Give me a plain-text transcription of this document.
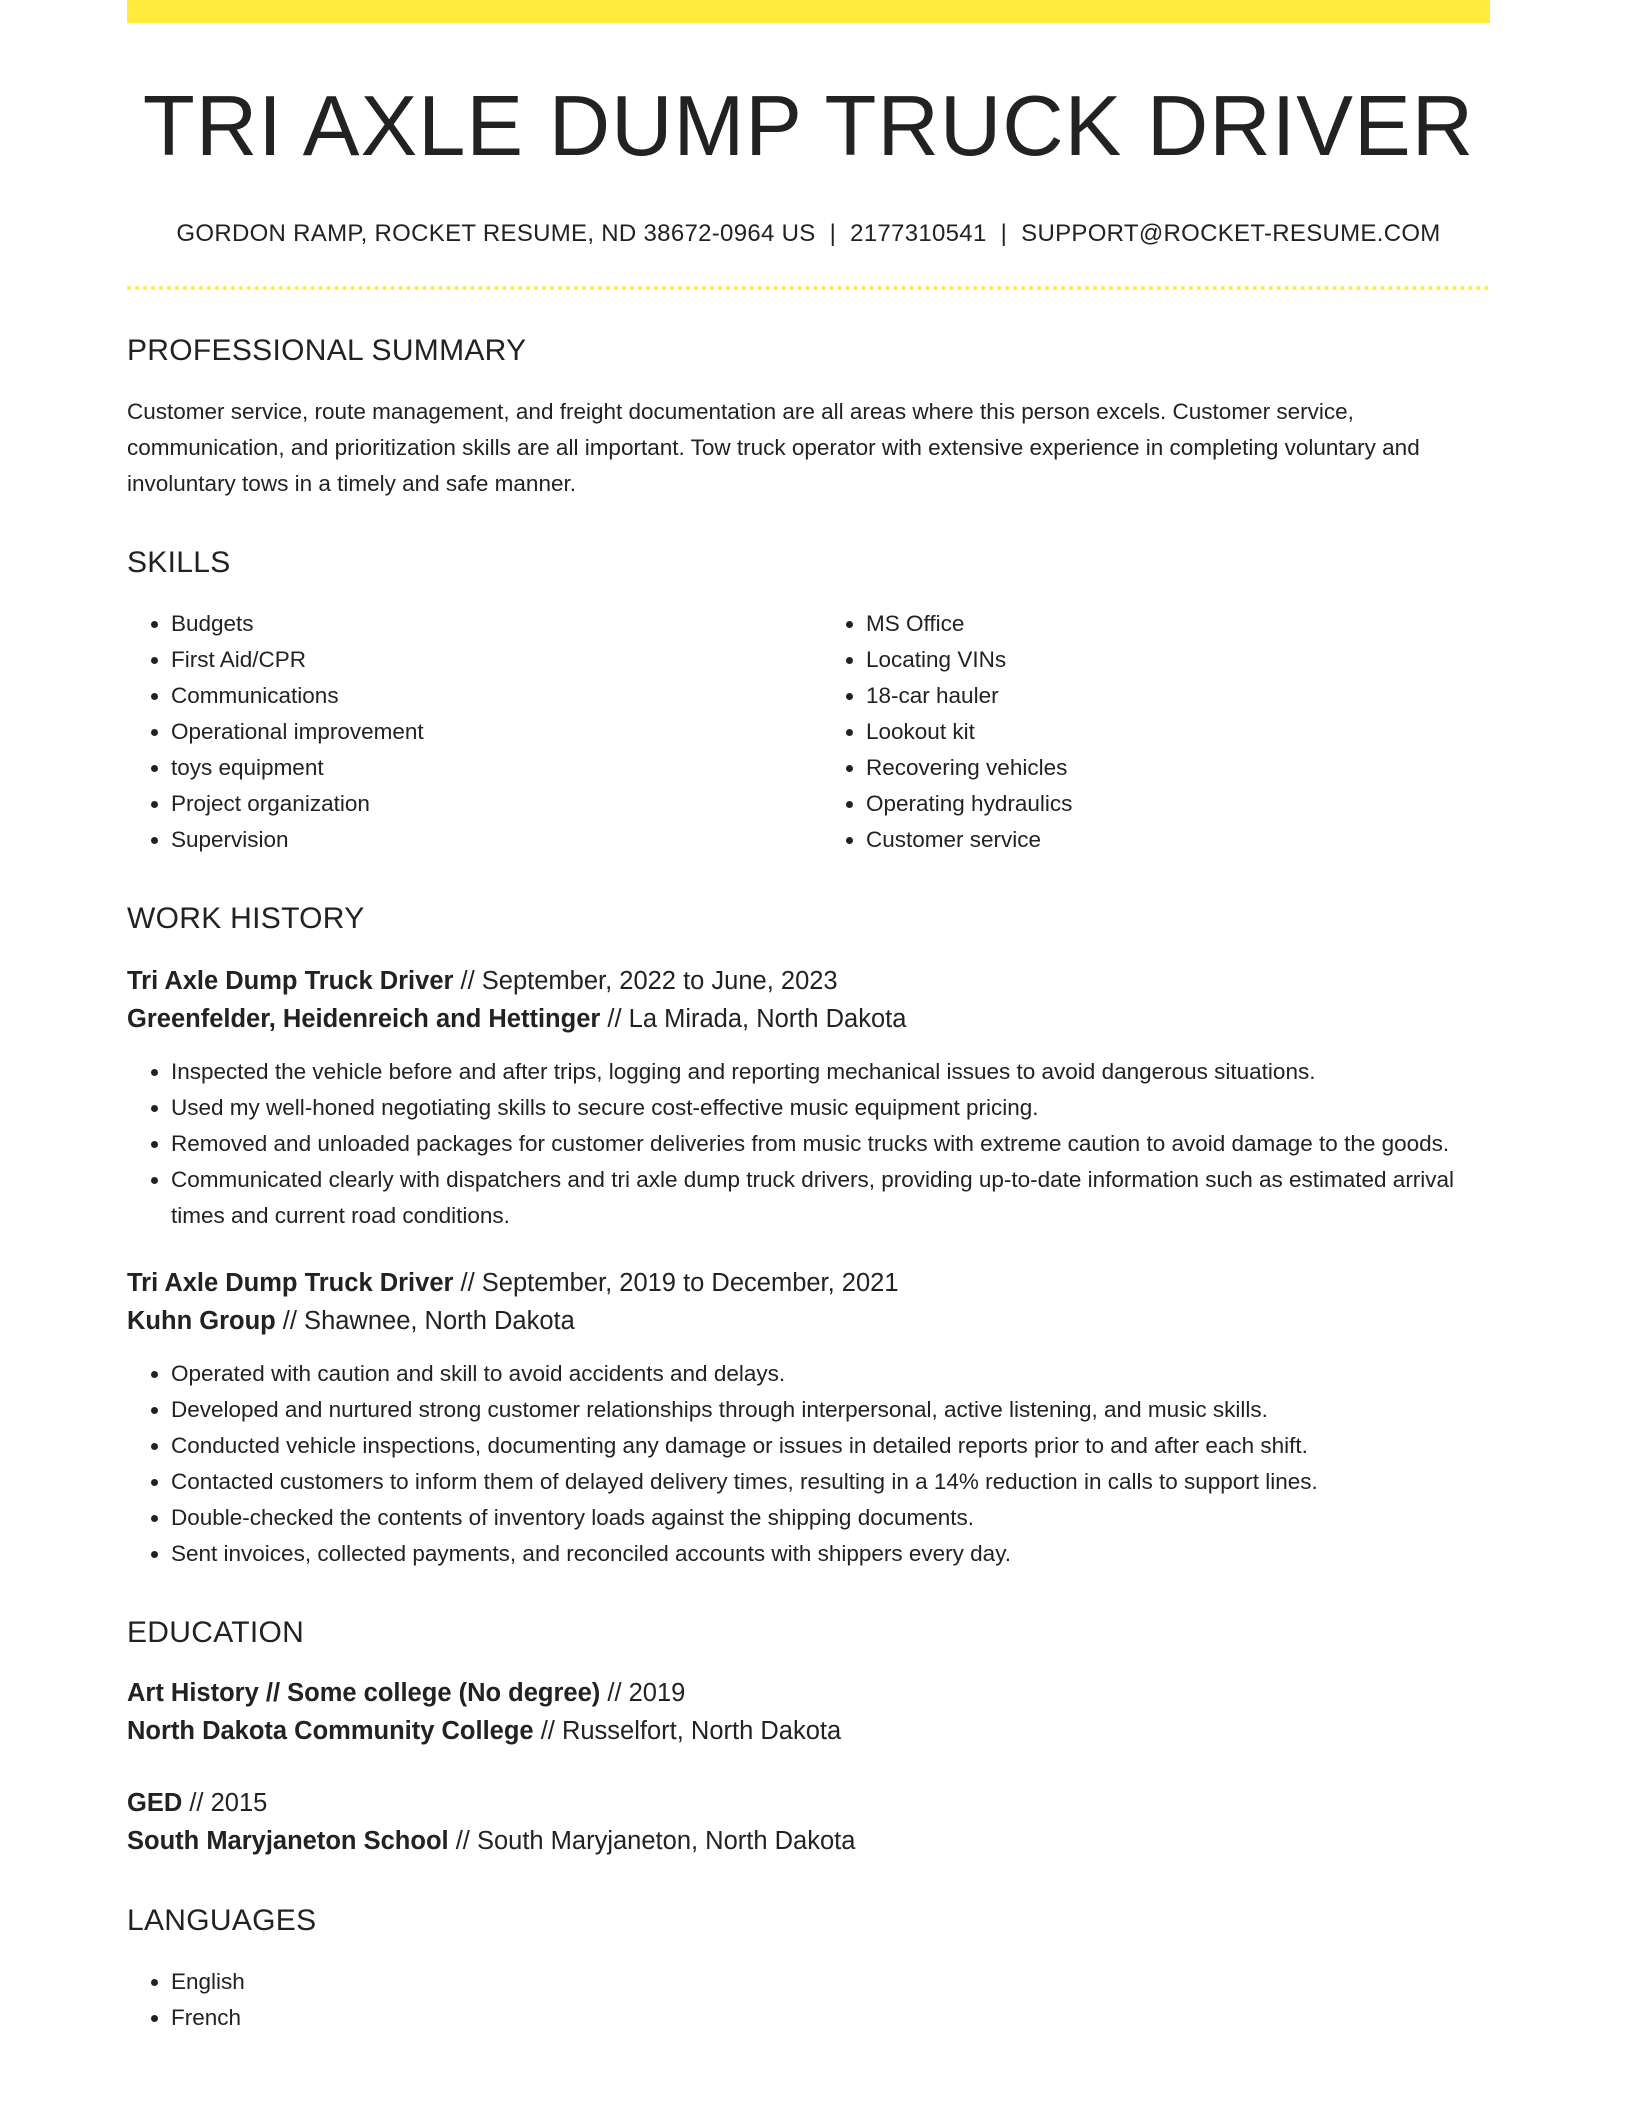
TRI AXLE DUMP TRUCK DRIVER
GORDON RAMP, ROCKET RESUME, ND 38672-0964 US | 2177310541 | SUPPORT@ROCKET-RESUME.COM
PROFESSIONAL SUMMARY

Customer service, route management, and freight documentation are all areas where this person excels. Customer service, communication, and prioritization skills are all important. Tow truck operator with extensive experience in completing voluntary and involuntary tows in a timely and safe manner.

SKILLS
• Budgets
• First Aid/CPR
• Communications
• Operational improvement
• toys equipment
• Project organization
• Supervision
• MS Office
• Locating VINs
• 18-car hauler
• Lookout kit
• Recovering vehicles
• Operating hydraulics
• Customer service
WORK HISTORY
Tri Axle Dump Truck Driver // September, 2022 to June, 2023
Greenfelder, Heidenreich and Hettinger // La Mirada, North Dakota
• Inspected the vehicle before and after trips, logging and reporting mechanical issues to avoid dangerous situations.
• Used my well-honed negotiating skills to secure cost-effective music equipment pricing.
• Removed and unloaded packages for customer deliveries from music trucks with extreme caution to avoid damage to the goods.
• Communicated clearly with dispatchers and tri axle dump truck drivers, providing up-to-date information such as estimated arrival times and current road conditions.
Tri Axle Dump Truck Driver // September, 2019 to December, 2021
Kuhn Group // Shawnee, North Dakota
• Operated with caution and skill to avoid accidents and delays.
• Developed and nurtured strong customer relationships through interpersonal, active listening, and music skills.
• Conducted vehicle inspections, documenting any damage or issues in detailed reports prior to and after each shift.
• Contacted customers to inform them of delayed delivery times, resulting in a 14% reduction in calls to support lines.
• Double-checked the contents of inventory loads against the shipping documents.
• Sent invoices, collected payments, and reconciled accounts with shippers every day.
EDUCATION
Art History // Some college (No degree) // 2019
North Dakota Community College // Russelfort, North Dakota
GED // 2015
South Maryjaneton School // South Maryjaneton, North Dakota
LANGUAGES
• English
• French
